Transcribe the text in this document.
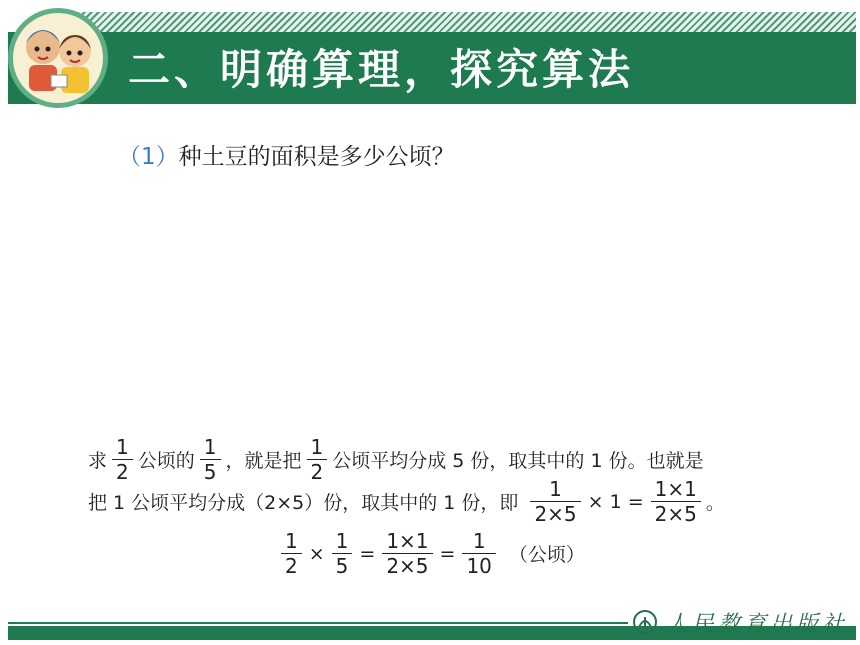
二、明确算理，探究算法
（1）种土豆的面积是多少公顷？
求 $\frac{1}{2}$ 公顷的 $\frac{1}{5}$ ，就是把 $\frac{1}{2}$ 公顷平均分成 5 份，取其中的 1 份。也就是
把 1 公顷平均分成（2×5）份，取其中的 1 份，即 $\frac{1}{2\times 5} \times 1 = \frac{1\times 1}{2\times 5}$ 。
$\frac{1}{2} \times \frac{1}{5} = \frac{1\times 1}{2\times 5} = \frac{1}{10}$ （公顷）
人民教育出版社
